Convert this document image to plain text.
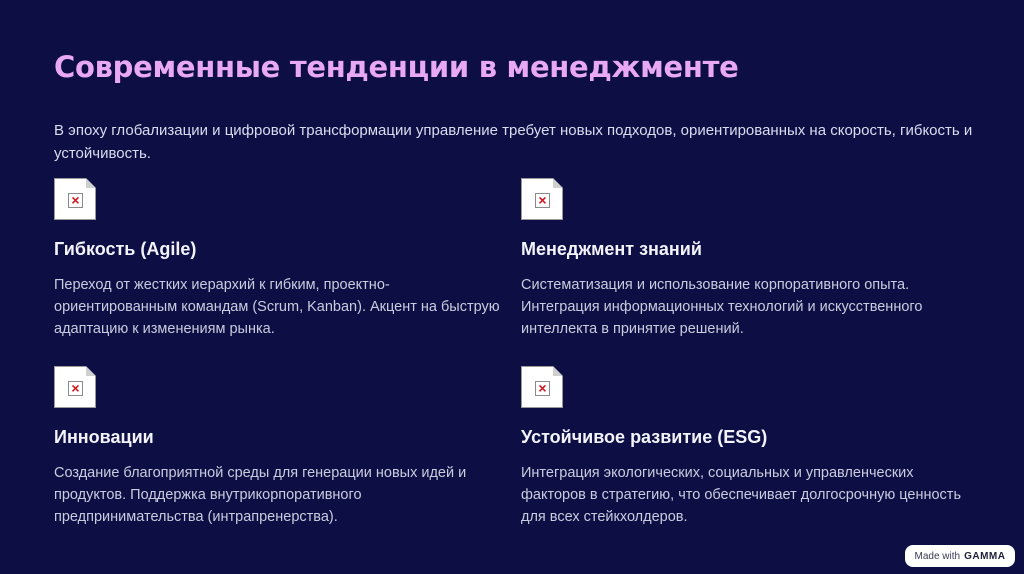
Современные тенденции в менеджменте

В эпоху глобализации и цифровой трансформации управление требует новых подходов, ориентированных на скорость, гибкость и устойчивость.

×
Гибкость (Agile)
Переход от жестких иерархий к гибким, проектно-ориентированным командам (Scrum, Kanban). Акцент на быструю адаптацию к изменениям рынка.
×
Менеджмент знаний
Систематизация и использование корпоративного опыта. Интеграция информационных технологий и искусственного интеллекта в принятие решений.
×
Инновации
Создание благоприятной среды для генерации новых идей и продуктов. Поддержка внутрикорпоративного предпринимательства (интрапренерства).
×
Устойчивое развитие (ESG)
Интеграция экологических, социальных и управленческих факторов в стратегию, что обеспечивает долгосрочную ценность для всех стейкхолдеров.
Made with GAMMA
